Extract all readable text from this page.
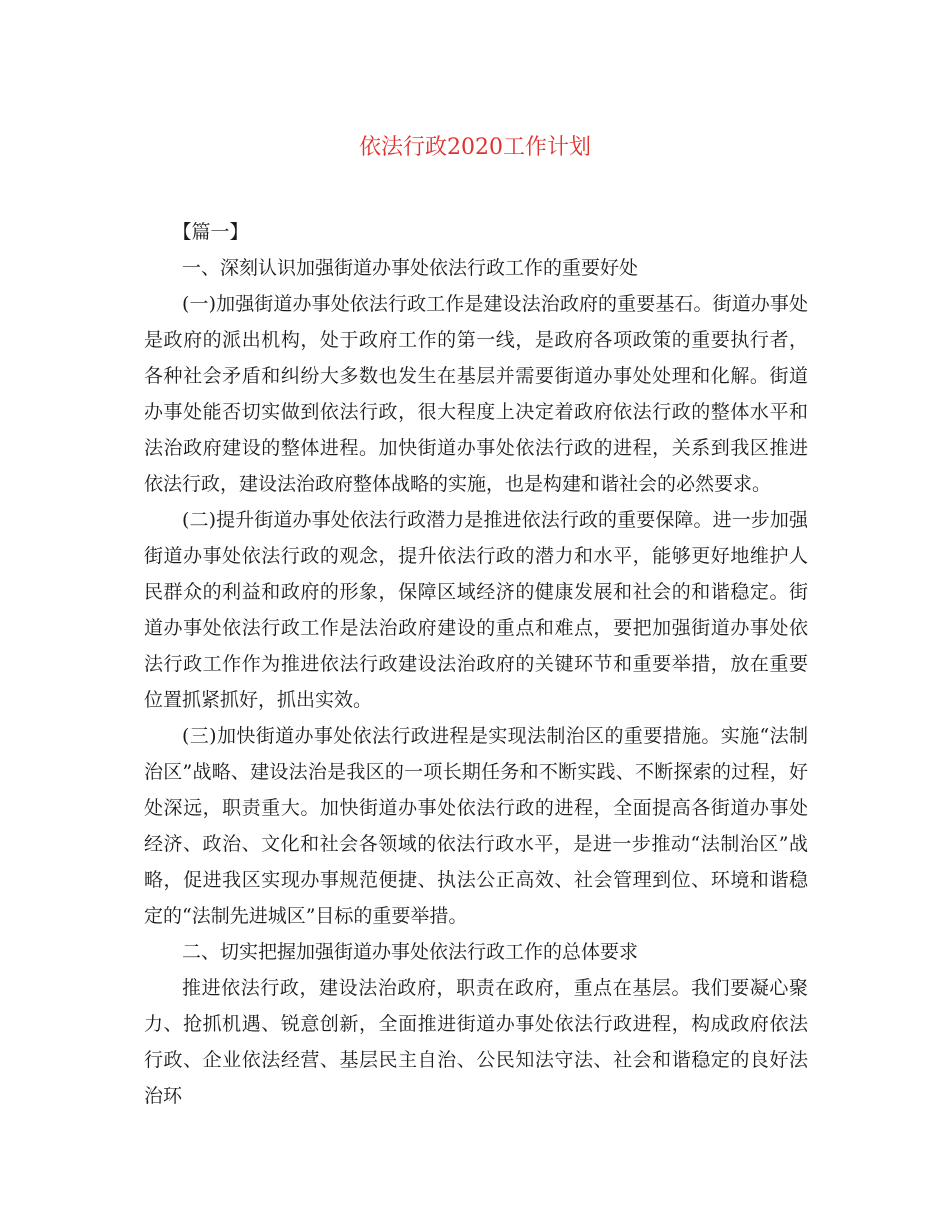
依法行政2020工作计划

【篇一】

一、深刻认识加强街道办事处依法行政工作的重要好处

(一)加强街道办事处依法行政工作是建设法治政府的重要基石。街道办事处是政府的派出机构，处于政府工作的第一线，是政府各项政策的重要执行者，各种社会矛盾和纠纷大多数也发生在基层并需要街道办事处处理和化解。街道办事处能否切实做到依法行政，很大程度上决定着政府依法行政的整体水平和法治政府建设的整体进程。加快街道办事处依法行政的进程，关系到我区推进依法行政，建设法治政府整体战略的实施，也是构建和谐社会的必然要求。

(二)提升街道办事处依法行政潜力是推进依法行政的重要保障。进一步加强街道办事处依法行政的观念，提升依法行政的潜力和水平，能够更好地维护人民群众的利益和政府的形象，保障区域经济的健康发展和社会的和谐稳定。街道办事处依法行政工作是法治政府建设的重点和难点，要把加强街道办事处依法行政工作作为推进依法行政建设法治政府的关键环节和重要举措，放在重要位置抓紧抓好，抓出实效。

(三)加快街道办事处依法行政进程是实现法制治区的重要措施。实施“法制治区”战略、建设法治是我区的一项长期任务和不断实践、不断探索的过程，好处深远，职责重大。加快街道办事处依法行政的进程，全面提高各街道办事处经济、政治、文化和社会各领域的依法行政水平，是进一步推动“法制治区”战略，促进我区实现办事规范便捷、执法公正高效、社会管理到位、环境和谐稳定的“法制先进城区”目标的重要举措。

二、切实把握加强街道办事处依法行政工作的总体要求

推进依法行政，建设法治政府，职责在政府，重点在基层。我们要凝心聚力、抢抓机遇、锐意创新，全面推进街道办事处依法行政进程，构成政府依法行政、企业依法经营、基层民主自治、公民知法守法、社会和谐稳定的良好法治环
